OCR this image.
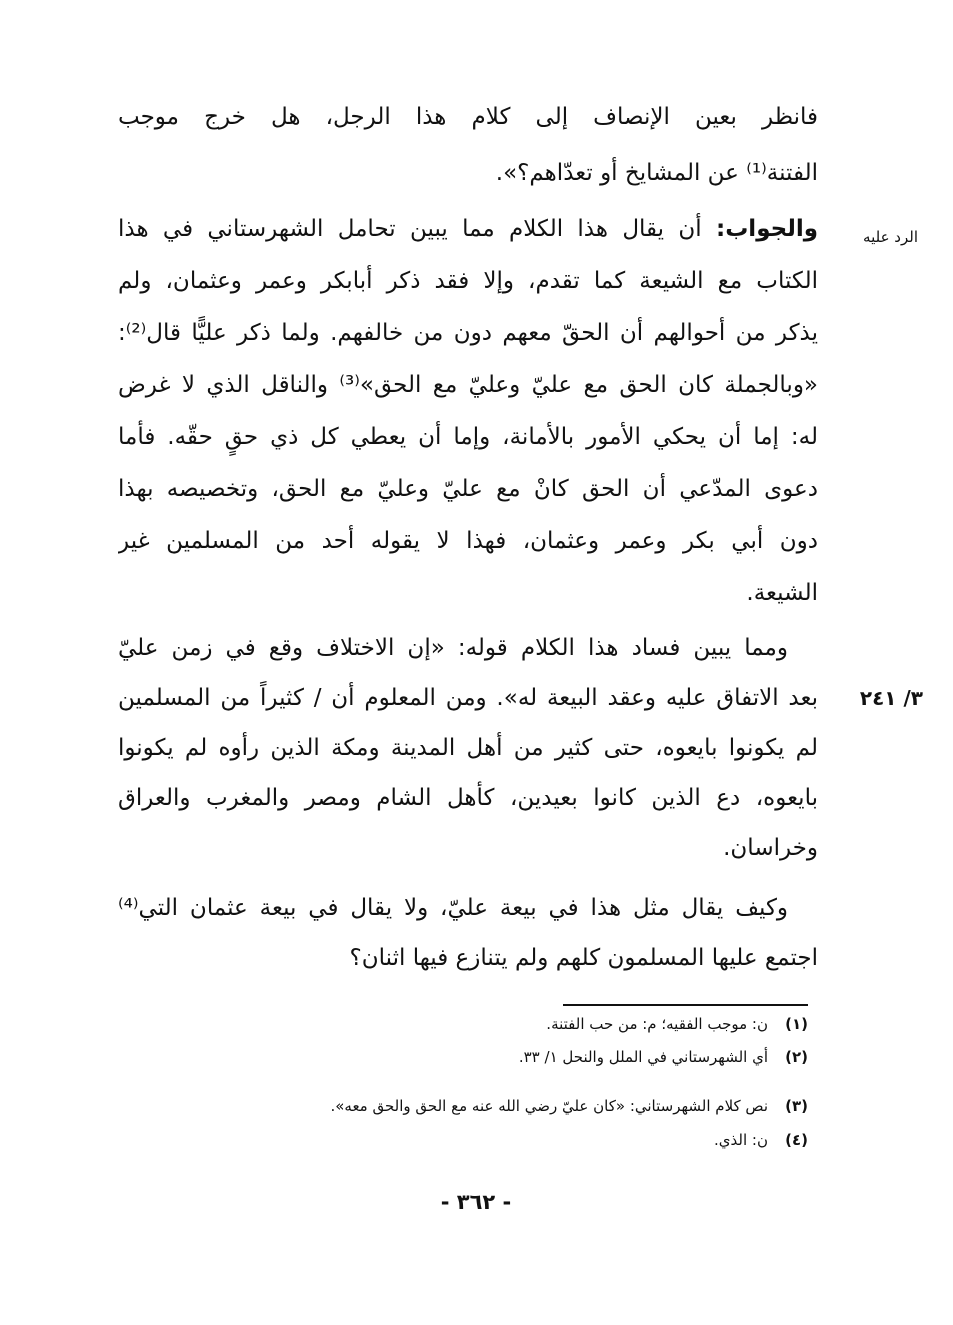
فانظر بعين الإنصاف إلى كلام هذا الرجل، هل خرج موجب
الفتنة⁽¹⁾ عن المشايخ أو تعدّاهم؟».
والجواب: أن يقال هذا الكلام مما يبين تحامل الشهرستاني في هذا
الكتاب مع الشيعة كما تقدم، وإلا فقد ذكر أبابكر وعمر وعثمان، ولم
يذكر من أحوالهم أن الحقّ معهم دون من خالفهم. ولما ذكر عليًّا قال⁽²⁾:
«وبالجملة كان الحق مع عليّ وعليّ مع الحق»⁽³⁾ والناقل الذي لا غرض
له: إما أن يحكي الأمور بالأمانة، وإما أن يعطي كل ذي حقٍ حقّه. فأما
دعوى المدّعي أن الحق كانْ مع عليّ وعليّ مع الحق، وتخصيصه بهذا
دون أبي بكر وعمر وعثمان، فهذا لا يقوله أحد من المسلمين غير
الشيعة.
ومما يبين فساد هذا الكلام قوله: «إن الاختلاف وقع في زمن عليّ
بعد الاتفاق عليه وعقد البيعة له». ومن المعلوم أن / كثيراً من المسلمين
لم يكونوا بايعوه، حتى كثير من أهل المدينة ومكة الذين رأوه لم يكونوا
بايعوه، دع الذين كانوا بعيدين، كأهل الشام ومصر والمغرب والعراق
وخراسان.
وكيف يقال مثل هذا في بيعة عليّ، ولا يقال في بيعة عثمان التي⁽⁴⁾
اجتمع عليها المسلمون كلهم ولم يتنازع فيها اثنان؟
الرد عليه
٣/ ٢٤١
(١)ن: موجب الفقيه؛ م: من حب الفتنة.
(٢)أي الشهرستاني في الملل والنحل ١/ ٣٣.
(٣)نص كلام الشهرستاني: «كان عليّ رضي الله عنه مع الحق والحق معه».
(٤)ن: الذي.
- ٣٦٢ -
